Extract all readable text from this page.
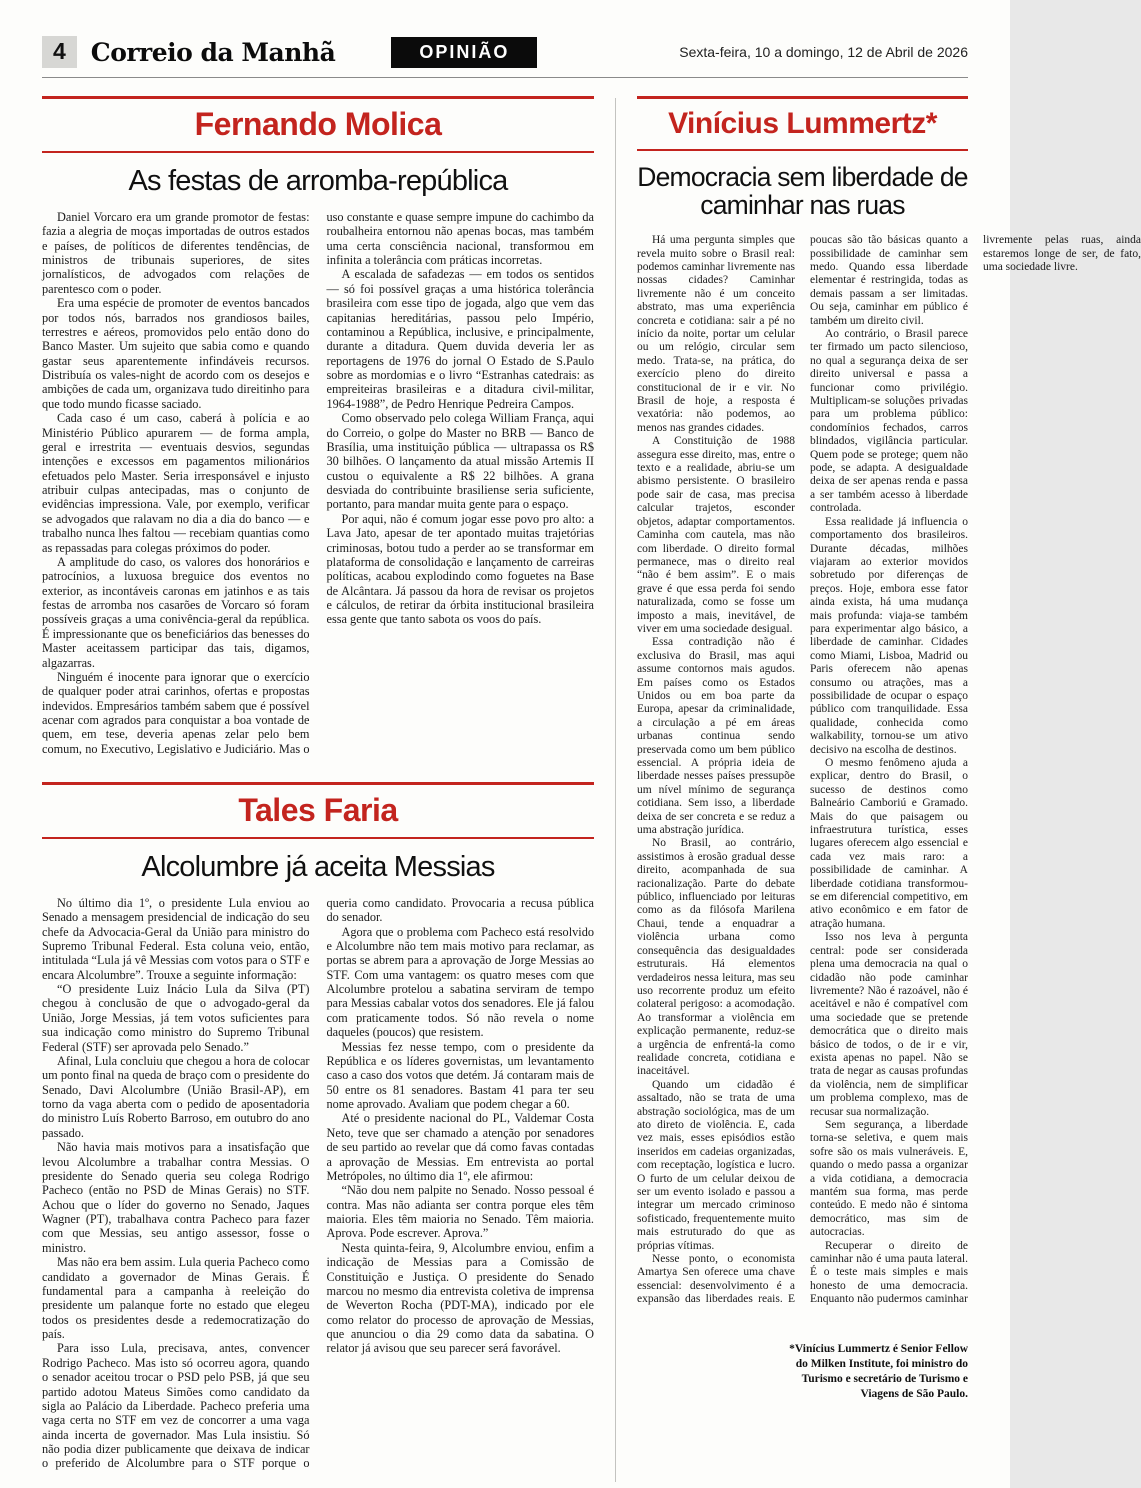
4	Correio da Manhã	OPINIÃO	Sexta-feira, 10 a domingo, 12 de Abril de 2026
Fernando Molica
As festas de arromba-república

Daniel Vorcaro era um grande promotor de festas: fazia a alegria de moças importadas de outros estados e países, de políticos de diferentes tendências, de ministros de tribunais superiores, de sites jornalísticos, de advogados com relações de parentesco com o poder.

Era uma espécie de promoter de eventos bancados por todos nós, barrados nos grandiosos bailes, terrestres e aéreos, promovidos pelo então dono do Banco Master. Um sujeito que sabia como e quando gastar seus aparentemente infindáveis recursos. Distribuía os vales-night de acordo com os desejos e ambições de cada um, organizava tudo direitinho para que todo mundo ficasse saciado.

Cada caso é um caso, caberá à polícia e ao Ministério Público apurarem — de forma ampla, geral e irrestrita — eventuais desvios, segundas intenções e excessos em pagamentos milionários efetuados pelo Master. Seria irresponsável e injusto atribuir culpas antecipadas, mas o conjunto de evidências impressiona. Vale, por exemplo, verificar se advogados que ralavam no dia a dia do banco — e trabalho nunca lhes faltou — recebiam quantias como as repassadas para colegas próximos do poder.

A amplitude do caso, os valores dos honorários e patrocínios, a luxuosa breguice dos eventos no exterior, as incontáveis caronas em jatinhos e as tais festas de arromba nos casarões de Vorcaro só foram possíveis graças a uma conivência-geral da república. É impressionante que os beneficiários das benesses do Master aceitassem participar das tais, digamos, algazarras.

Ninguém é inocente para ignorar que o exercício de qualquer poder atrai carinhos, ofertas e propostas indevidos. Empresários também sabem que é possível acenar com agrados para conquistar a boa vontade de quem, em tese, deveria apenas zelar pelo bem comum, no Executivo, Legislativo e Judiciário. Mas o uso constante e quase sempre impune do cachimbo da roubalheira entornou não apenas bocas, mas também uma certa consciência nacional, transformou em infinita a tolerância com práticas incorretas.

A escalada de safadezas — em todos os sentidos — só foi possível graças a uma histórica tolerância brasileira com esse tipo de jogada, algo que vem das capitanias hereditárias, passou pelo Império, contaminou a República, inclusive, e principalmente, durante a ditadura. Quem duvida deveria ler as reportagens de 1976 do jornal O Estado de S.Paulo sobre as mordomias e o livro “Estranhas catedrais: as empreiteiras brasileiras e a ditadura civil-militar, 1964-1988”, de Pedro Henrique Pedreira Campos.

Como observado pelo colega William França, aqui do Correio, o golpe do Master no BRB — Banco de Brasília, uma instituição pública — ultrapassa os R$ 30 bilhões. O lançamento da atual missão Artemis II custou o equivalente a R$ 22 bilhões. A grana desviada do contribuinte brasiliense seria suficiente, portanto, para mandar muita gente para o espaço.

Por aqui, não é comum jogar esse povo pro alto: a Lava Jato, apesar de ter apontado muitas trajetórias criminosas, botou tudo a perder ao se transformar em plataforma de consolidação e lançamento de carreiras políticas, acabou explodindo como foguetes na Base de Alcântara. Já passou da hora de revisar os projetos e cálculos, de retirar da órbita institucional brasileira essa gente que tanto sabota os voos do país.

Tales Faria
Alcolumbre já aceita Messias

No último dia 1º, o presidente Lula enviou ao Senado a mensagem presidencial de indicação do seu chefe da Advocacia-Geral da União para ministro do Supremo Tribunal Federal. Esta coluna veio, então, intitulada “Lula já vê Messias com votos para o STF e encara Alcolumbre”. Trouxe a seguinte informação:

“O presidente Luiz Inácio Lula da Silva (PT) chegou à conclusão de que o advogado-geral da União, Jorge Messias, já tem votos suficientes para sua indicação como ministro do Supremo Tribunal Federal (STF) ser aprovada pelo Senado.”

Afinal, Lula concluiu que chegou a hora de colocar um ponto final na queda de braço com o presidente do Senado, Davi Alcolumbre (União Brasil-AP), em torno da vaga aberta com o pedido de aposentadoria do ministro Luís Roberto Barroso, em outubro do ano passado.

Não havia mais motivos para a insatisfação que levou Alcolumbre a trabalhar contra Messias. O presidente do Senado queria seu colega Rodrigo Pacheco (então no PSD de Minas Gerais) no STF. Achou que o líder do governo no Senado, Jaques Wagner (PT), trabalhava contra Pacheco para fazer com que Messias, seu antigo assessor, fosse o ministro.

Mas não era bem assim. Lula queria Pacheco como candidato a governador de Minas Gerais. É fundamental para a campanha à reeleição do presidente um palanque forte no estado que elegeu todos os presidentes desde a redemocratização do país.

Para isso Lula, precisava, antes, convencer Rodrigo Pacheco. Mas isto só ocorreu agora, quando o senador aceitou trocar o PSD pelo PSB, já que seu partido adotou Mateus Simões como candidato da sigla ao Palácio da Liberdade. Pacheco preferia uma vaga certa no STF em vez de concorrer a uma vaga ainda incerta de governador. Mas Lula insistiu. Só não podia dizer publicamente que deixava de indicar o preferido de Alcolumbre para o STF porque o queria como candidato. Provocaria a recusa pública do senador.

Agora que o problema com Pacheco está resolvido e Alcolumbre não tem mais motivo para reclamar, as portas se abrem para a aprovação de Jorge Messias ao STF. Com uma vantagem: os quatro meses com que Alcolumbre protelou a sabatina serviram de tempo para Messias cabalar votos dos senadores. Ele já falou com praticamente todos. Só não revela o nome daqueles (poucos) que resistem.

Messias fez nesse tempo, com o presidente da República e os líderes governistas, um levantamento caso a caso dos votos que detém. Já contaram mais de 50 entre os 81 senadores. Bastam 41 para ter seu nome aprovado. Avaliam que podem chegar a 60.

Até o presidente nacional do PL, Valdemar Costa Neto, teve que ser chamado a atenção por senadores de seu partido ao revelar que dá como favas contadas a aprovação de Messias. Em entrevista ao portal Metrópoles, no último dia 1º, ele afirmou:

“Não dou nem palpite no Senado. Nosso pessoal é contra. Mas não adianta ser contra porque eles têm maioria. Eles têm maioria no Senado. Têm maioria. Aprova. Pode escrever. Aprova.”

Nesta quinta-feira, 9, Alcolumbre enviou, enfim a indicação de Messias para a Comissão de Constituição e Justiça. O presidente do Senado marcou no mesmo dia entrevista coletiva de imprensa de Weverton Rocha (PDT-MA), indicado por ele como relator do processo de aprovação de Messias, que anunciou o dia 29 como data da sabatina. O relator já avisou que seu parecer será favorável.

Vinícius Lummertz*
Democracia sem liberdade de caminhar nas ruas

Há uma pergunta simples que revela muito sobre o Brasil real: podemos caminhar livremente nas nossas cidades? Caminhar livremente não é um conceito abstrato, mas uma experiência concreta e cotidiana: sair a pé no início da noite, portar um celular ou um relógio, circular sem medo. Trata-se, na prática, do exercício pleno do direito constitucional de ir e vir. No Brasil de hoje, a resposta é vexatória: não podemos, ao menos nas grandes cidades.

A Constituição de 1988 assegura esse direito, mas, entre o texto e a realidade, abriu-se um abismo persistente. O brasileiro pode sair de casa, mas precisa calcular trajetos, esconder objetos, adaptar comportamentos. Caminha com cautela, mas não com liberdade. O direito formal permanece, mas o direito real “não é bem assim”. E o mais grave é que essa perda foi sendo naturalizada, como se fosse um imposto a mais, inevitável, de viver em uma sociedade desigual.

Essa contradição não é exclusiva do Brasil, mas aqui assume contornos mais agudos. Em países como os Estados Unidos ou em boa parte da Europa, apesar da criminalidade, a circulação a pé em áreas urbanas continua sendo preservada como um bem público essencial. A própria ideia de liberdade nesses países pressupõe um nível mínimo de segurança cotidiana. Sem isso, a liberdade deixa de ser concreta e se reduz a uma abstração jurídica.

No Brasil, ao contrário, assistimos à erosão gradual desse direito, acompanhada de sua racionalização. Parte do debate público, influenciado por leituras como as da filósofa Marilena Chaui, tende a enquadrar a violência urbana como consequência das desigualdades estruturais. Há elementos verdadeiros nessa leitura, mas seu uso recorrente produz um efeito colateral perigoso: a acomodação. Ao transformar a violência em explicação permanente, reduz-se a urgência de enfrentá-la como realidade concreta, cotidiana e inaceitável.

Quando um cidadão é assaltado, não se trata de uma abstração sociológica, mas de um ato direto de violência. E, cada vez mais, esses episódios estão inseridos em cadeias organizadas, com receptação, logística e lucro. O furto de um celular deixou de ser um evento isolado e passou a integrar um mercado criminoso sofisticado, frequentemente muito mais estruturado do que as próprias vítimas.

Nesse ponto, o economista Amartya Sen oferece uma chave essencial: desenvolvimento é a expansão das liberdades reais. E poucas são tão básicas quanto a possibilidade de caminhar sem medo. Quando essa liberdade elementar é restringida, todas as demais passam a ser limitadas. Ou seja, caminhar em público é também um direito civil.

Ao contrário, o Brasil parece ter firmado um pacto silencioso, no qual a segurança deixa de ser direito universal e passa a funcionar como privilégio. Multiplicam-se soluções privadas para um problema público: condomínios fechados, carros blindados, vigilância particular. Quem pode se protege; quem não pode, se adapta. A desigualdade deixa de ser apenas renda e passa a ser também acesso à liberdade controlada.

Essa realidade já influencia o comportamento dos brasileiros. Durante décadas, milhões viajaram ao exterior movidos sobretudo por diferenças de preços. Hoje, embora esse fator ainda exista, há uma mudança mais profunda: viaja-se também para experimentar algo básico, a liberdade de caminhar. Cidades como Miami, Lisboa, Madrid ou Paris oferecem não apenas consumo ou atrações, mas a possibilidade de ocupar o espaço público com tranquilidade. Essa qualidade, conhecida como walkability, tornou-se um ativo decisivo na escolha de destinos.

O mesmo fenômeno ajuda a explicar, dentro do Brasil, o sucesso de destinos como Balneário Camboriú e Gramado. Mais do que paisagem ou infraestrutura turística, esses lugares oferecem algo essencial e cada vez mais raro: a possibilidade de caminhar. A liberdade cotidiana transformou-se em diferencial competitivo, em ativo econômico e em fator de atração humana.

Isso nos leva à pergunta central: pode ser considerada plena uma democracia na qual o cidadão não pode caminhar livremente? Não é razoável, não é aceitável e não é compatível com uma sociedade que se pretende democrática que o direito mais básico de todos, o de ir e vir, exista apenas no papel. Não se trata de negar as causas profundas da violência, nem de simplificar um problema complexo, mas de recusar sua normalização.

Sem segurança, a liberdade torna-se seletiva, e quem mais sofre são os mais vulneráveis. E, quando o medo passa a organizar a vida cotidiana, a democracia mantém sua forma, mas perde conteúdo. E medo não é sintoma democrático, mas sim de autocracias.

Recuperar o direito de caminhar não é uma pauta lateral. É o teste mais simples e mais honesto de uma democracia. Enquanto não pudermos caminhar livremente pelas ruas, ainda estaremos longe de ser, de fato, uma sociedade livre.

*Vinícius Lummertz é Senior Fellow do Milken Institute, foi ministro do Turismo e secretário de Turismo e Viagens de São Paulo.
